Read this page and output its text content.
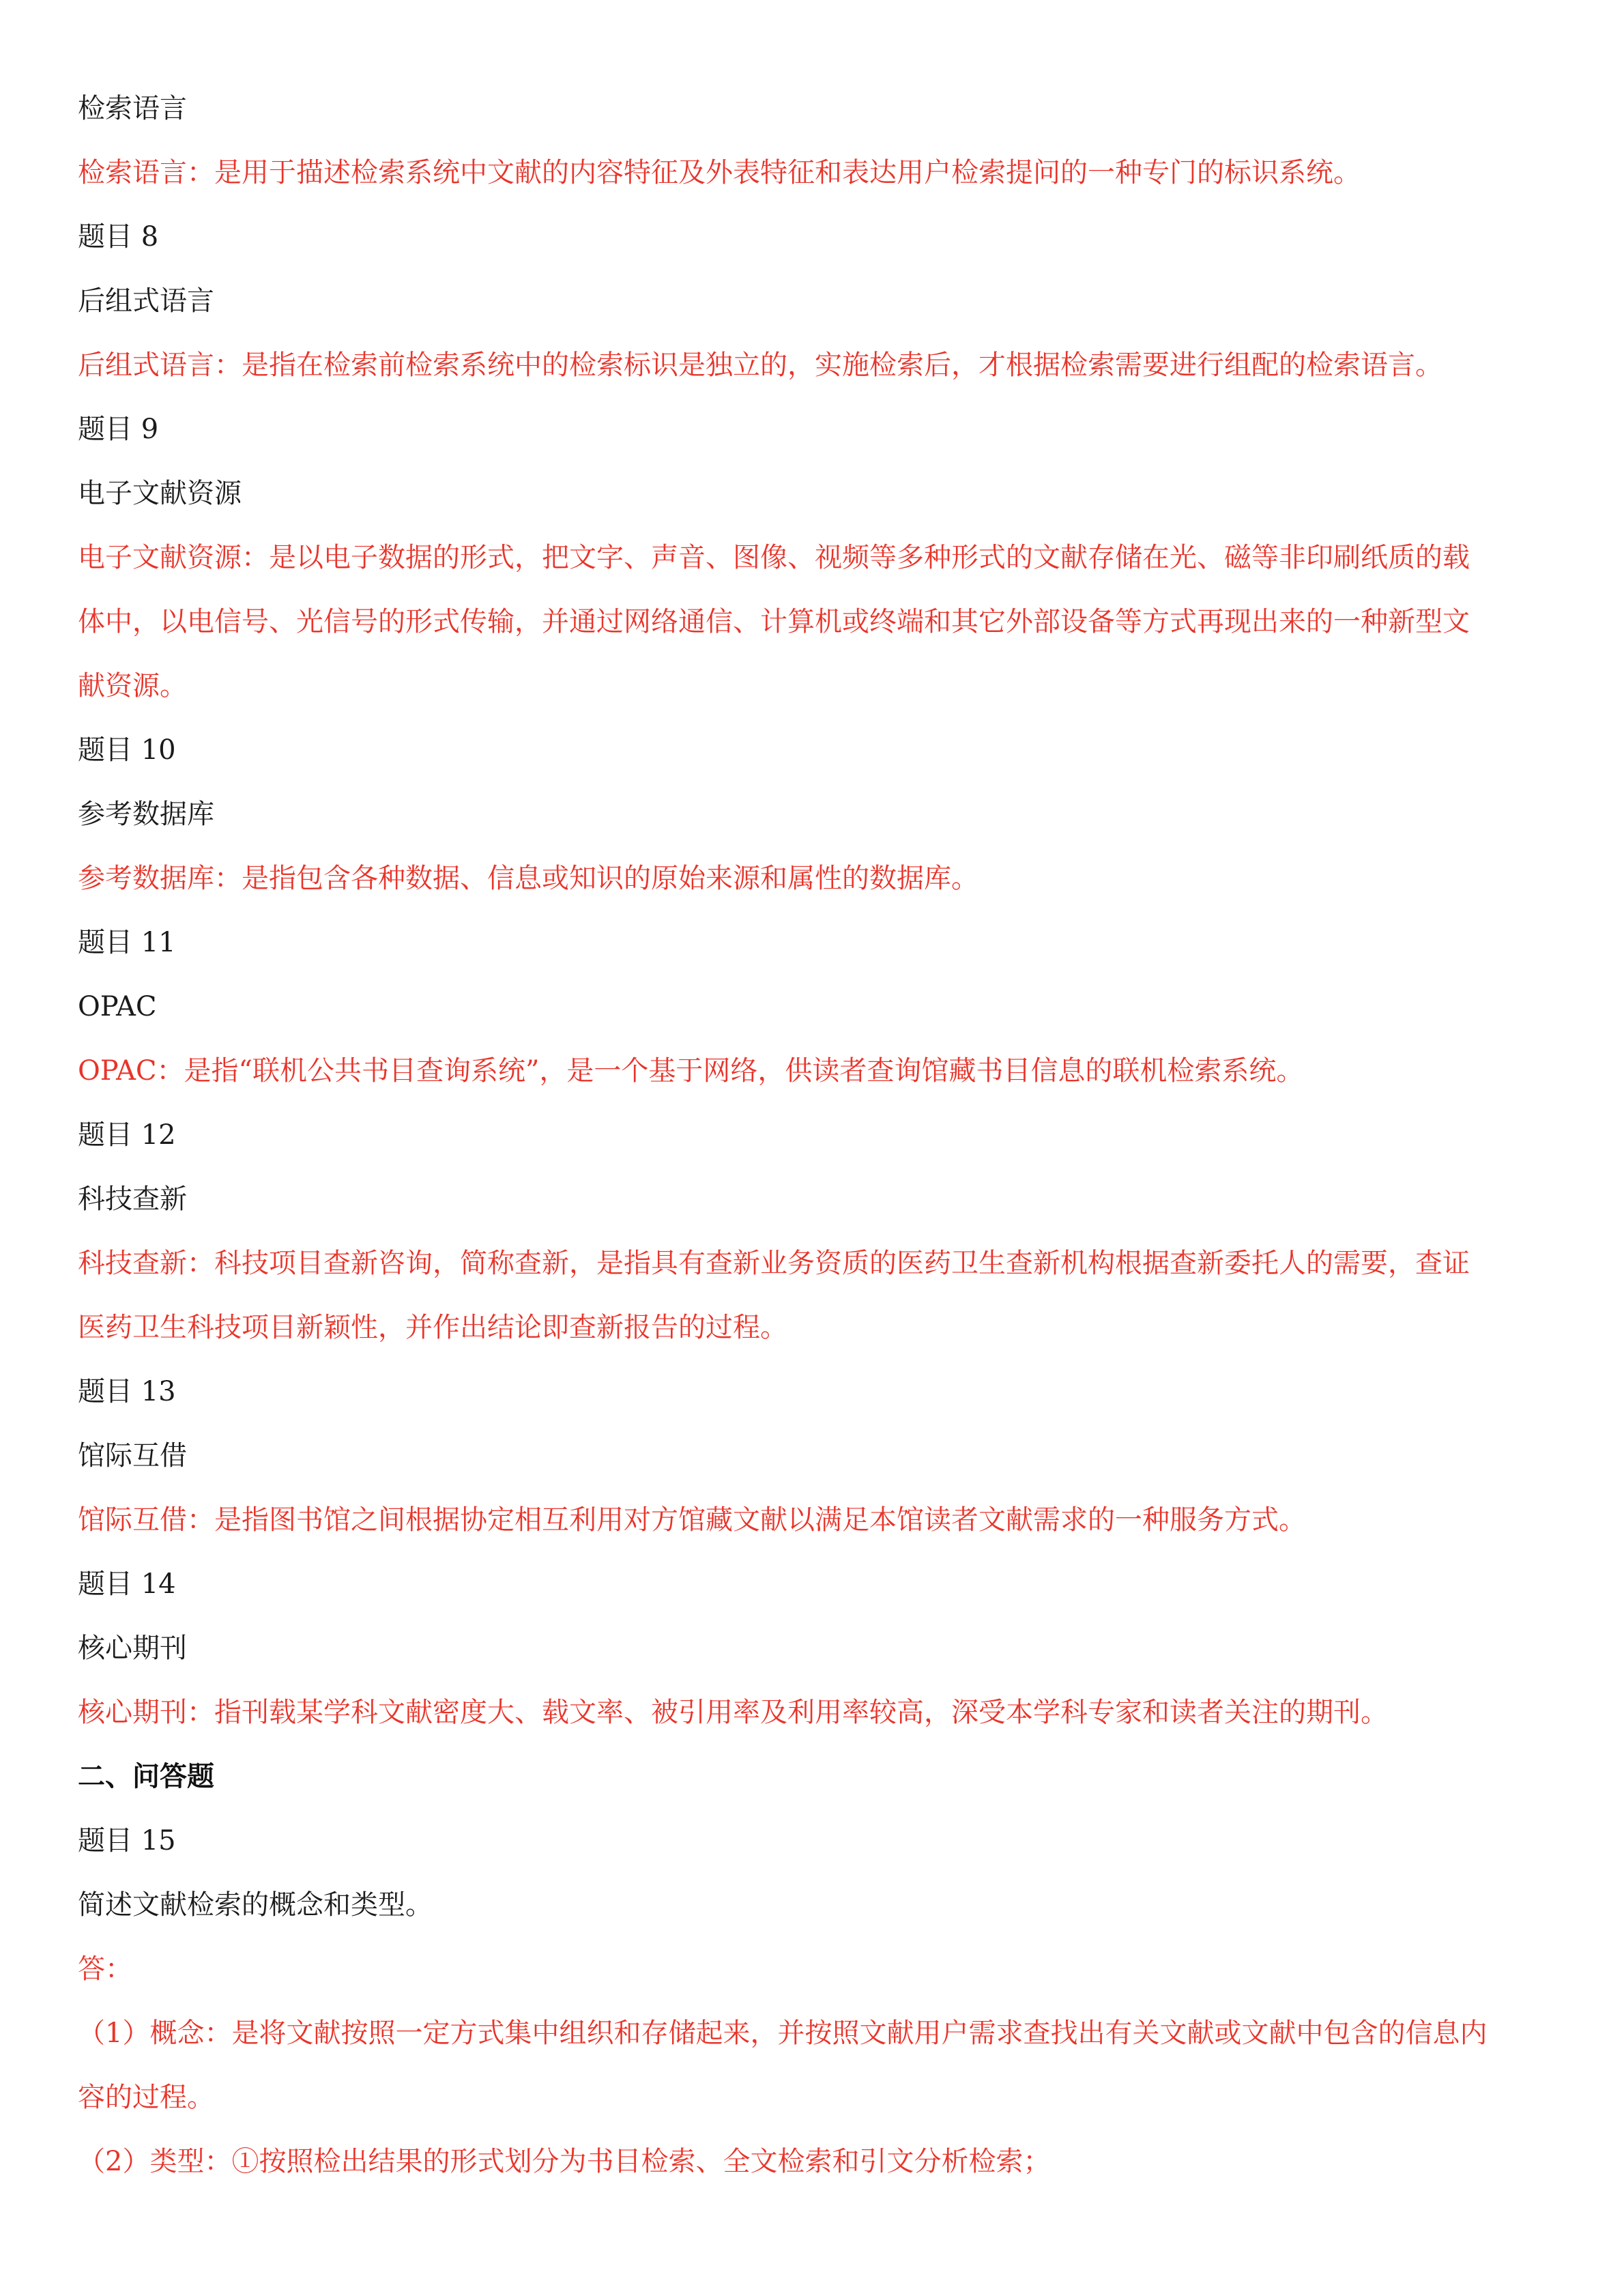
检索语言

检索语言：是用于描述检索系统中文献的内容特征及外表特征和表达用户检索提问的一种专门的标识系统。

题目 8

后组式语言

后组式语言：是指在检索前检索系统中的检索标识是独立的，实施检索后，才根据检索需要进行组配的检索语言。

题目 9

电子文献资源

电子文献资源：是以电子数据的形式，把文字、声音、图像、视频等多种形式的文献存储在光、磁等非印刷纸质的载

体中，以电信号、光信号的形式传输，并通过网络通信、计算机或终端和其它外部设备等方式再现出来的一种新型文

献资源。

题目 10

参考数据库

参考数据库：是指包含各种数据、信息或知识的原始来源和属性的数据库。

题目 11

OPAC

OPAC：是指“联机公共书目查询系统”，是一个基于网络，供读者查询馆藏书目信息的联机检索系统。

题目 12

科技查新

科技查新：科技项目查新咨询，简称查新，是指具有查新业务资质的医药卫生查新机构根据查新委托人的需要，查证

医药卫生科技项目新颖性，并作出结论即查新报告的过程。

题目 13

馆际互借

馆际互借：是指图书馆之间根据协定相互利用对方馆藏文献以满足本馆读者文献需求的一种服务方式。

题目 14

核心期刊

核心期刊：指刊载某学科文献密度大、载文率、被引用率及利用率较高，深受本学科专家和读者关注的期刊。

二、问答题

题目 15

简述文献检索的概念和类型。

答：

（1）概念：是将文献按照一定方式集中组织和存储起来，并按照文献用户需求查找出有关文献或文献中包含的信息内

容的过程。

（2）类型：①按照检出结果的形式划分为书目检索、全文检索和引文分析检索；
